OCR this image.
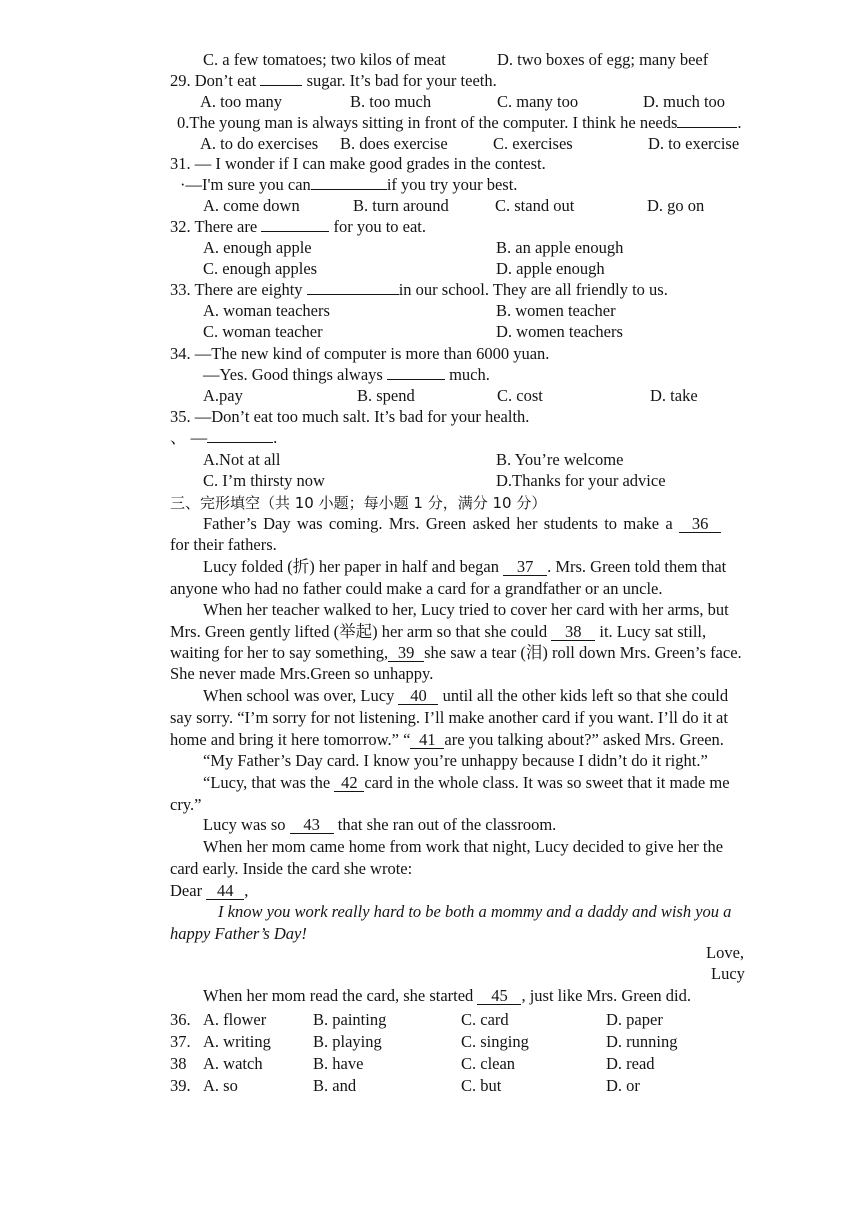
C. a few tomatoes; two kilos of meat	D. two boxes of egg; many beef
29. Don’t eat	sugar. It’s bad for your teeth.
A. too many	B. too much	C. many too	D. much too
0.The young man is always sitting in front of the computer. I think he needs	.
A. to do exercises B. does exercise	C. exercises	D. to exercise
31. — I wonder if I can make good grades in the contest.
·—I'm sure you can	if you try your best.
A. come down	B. turn around	C. stand out	D. go on
32. There are	for you to eat.
A. enough apple	B. an apple enough
C. enough apples	D. apple enough
33. There are eighty	in our school. They are all friendly to us.
A. woman teachers	B. women teacher
C. woman teacher	D. women teachers
34. —The new kind of computer is more than 6000 yuan.
—Yes. Good things always	much.
A.pay	B. spend	C. cost	D. take
35. —Don’t eat too much salt. It’s bad for your health.
、 —	.
A.Not at all	B. You’re welcome
C. I’m thirsty now	D.Thanks for your advice
三、完形填空（共 10 小题；每小题 1 分，满分 10 分）
Father’s Day was coming. Mrs. Green asked her students to make a 36
for their fathers.
Lucy folded (折) her paper in half and began 37 . Mrs. Green told them that
anyone who had no father could make a card for a grandfather or an uncle.
When her teacher walked to her, Lucy tried to cover her card with her arms, but
Mrs. Green gently lifted (举起) her arm so that she could 38 it. Lucy sat still,
waiting for her to say something, 39 she saw a tear (泪) roll down Mrs. Green’s face.
She never made Mrs.Green so unhappy.
When school was over, Lucy 40 until all the other kids left so that she could
say sorry. “I’m sorry for not listening. I’ll make another card if you want. I’ll do it at
home and bring it here tomorrow.” “ 41 are you talking about?” asked Mrs. Green.
“My Father’s Day card. I know you’re unhappy because I didn’t do it right.”
“Lucy, that was the 42 card in the whole class. It was so sweet that it made me
cry.”
Lucy was so 43 that she ran out of the classroom.
When her mom came home from work that night, Lucy decided to give her the
card early. Inside the card she wrote:
Dear 44 ,
I know you work really hard to be both a mommy and a daddy and wish you a
happy Father’s Day!
Love,
Lucy
When her mom read the card, she started 45 , just like Mrs. Green did.
36. A. flower	B. painting	C. card	D. paper
37. A. writing	B. playing	C. singing	D. running
38 A. watch	B. have	C. clean	D. read
39. A. so	B. and	C. but	D. or
